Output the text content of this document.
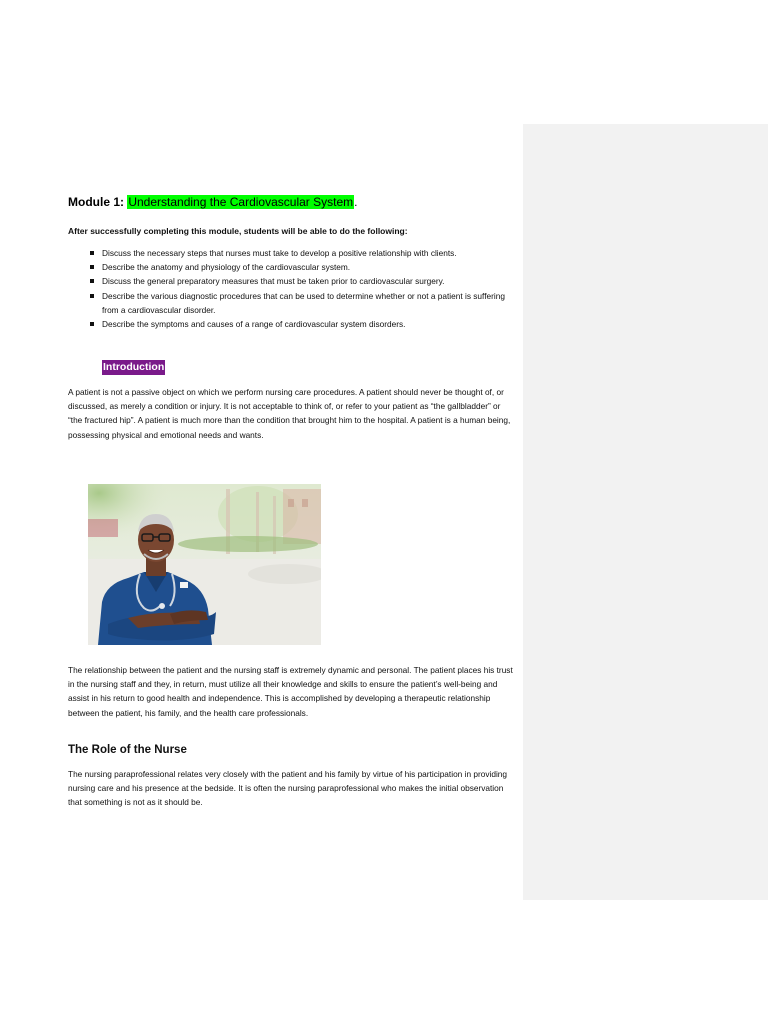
Module 1: Understanding the Cardiovascular System.
After successfully completing this module, students will be able to do the following:
Discuss the necessary steps that nurses must take to develop a positive relationship with clients.
Describe the anatomy and physiology of the cardiovascular system.
Discuss the general preparatory measures that must be taken prior to cardiovascular surgery.
Describe the various diagnostic procedures that can be used to determine whether or not a patient is suffering from a cardiovascular disorder.
Describe the symptoms and causes of a range of cardiovascular system disorders.
Introduction

A patient is not a passive object on which we perform nursing care procedures. A patient should never be thought of, or discussed, as merely a condition or injury. It is not acceptable to think of, or refer to your patient as “the gallbladder” or “the fractured hip”. A patient is much more than the condition that brought him to the hospital. A patient is a human being, possessing physical and emotional needs and wants.

The relationship between the patient and the nursing staff is extremely dynamic and personal. The patient places his trust in the nursing staff and they, in return, must utilize all their knowledge and skills to ensure the patient’s well-being and assist in his return to good health and independence. This is accomplished by developing a therapeutic relationship between the patient, his family, and the health care professionals.

The Role of the Nurse

The nursing paraprofessional relates very closely with the patient and his family by virtue of his participation in providing nursing care and his presence at the bedside. It is often the nursing paraprofessional who makes the initial observation that something is not as it should be.
